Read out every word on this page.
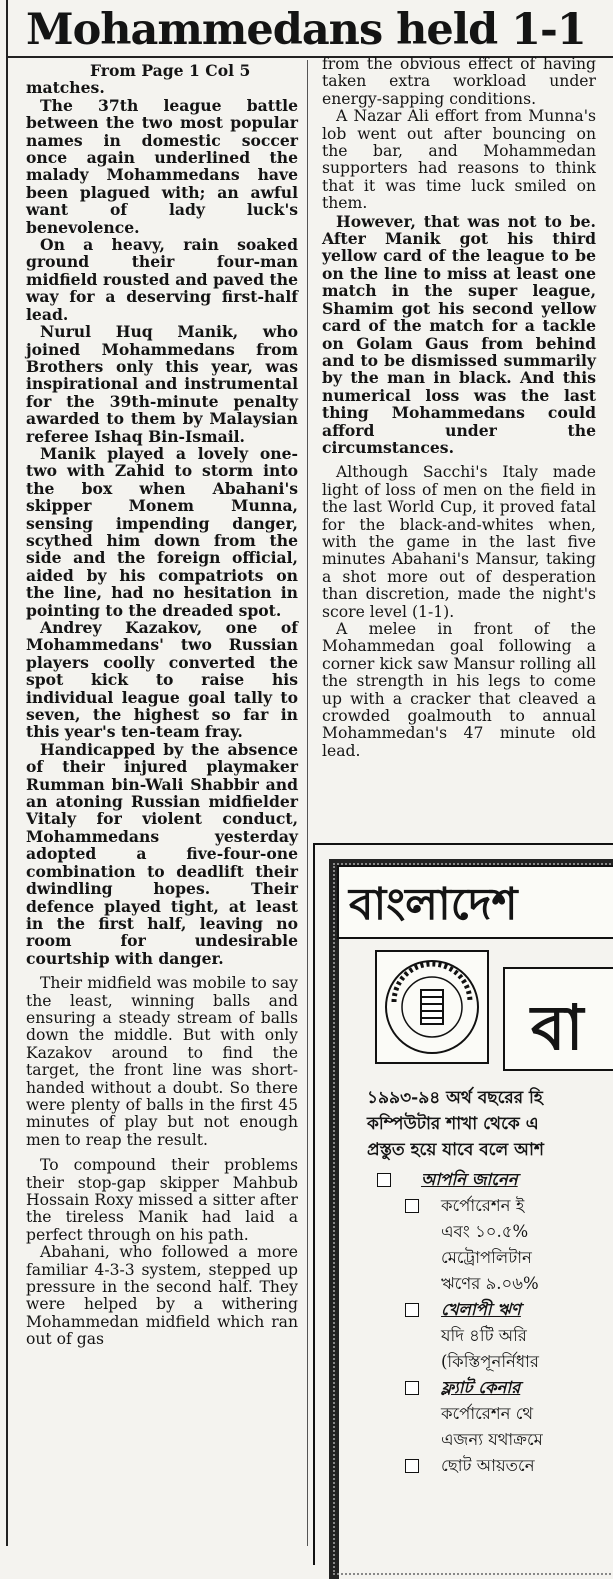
Mohammedans held 1-1

From Page 1 Col 5

matches.

The 37th league battle between the two most popular names in domestic soccer once again underlined the malady Mohammedans have been plagued with; an awful want of lady luck's benevolence.

On a heavy, rain soaked ground their four-man midfield rousted and paved the way for a deserving first-half lead.

Nurul Huq Manik, who joined Mohammedans from Brothers only this year, was inspirational and instrumental for the 39th-minute penalty awarded to them by Malaysian referee Ishaq Bin-Ismail.

Manik played a lovely one-two with Zahid to storm into the box when Abahani's skipper Monem Munna, sensing impending danger, scythed him down from the side and the foreign official, aided by his compatriots on the line, had no hesitation in pointing to the dreaded spot.

Andrey Kazakov, one of Mohammedans' two Russian players coolly converted the spot kick to raise his individual league goal tally to seven, the highest so far in this year's ten-team fray.

Handicapped by the absence of their injured playmaker Rumman bin-Wali Shabbir and an atoning Russian midfielder Vitaly for violent conduct, Mohammedans yesterday adopted a five-four-one combination to deadlift their dwindling hopes. Their defence played tight, at least in the first half, leaving no room for undesirable courtship with danger.

Their midfield was mobile to say the least, winning balls and ensuring a steady stream of balls down the middle. But with only Kazakov around to find the target, the front line was short-handed without a doubt. So there were plenty of balls in the first 45 minutes of play but not enough men to reap the result.

To compound their problems their stop-gap skipper Mahbub Hossain Roxy missed a sitter after the tireless Manik had laid a perfect through on his path.

Abahani, who followed a more familiar 4-3-3 system, stepped up pressure in the second half. They were helped by a withering Mohammedan midfield which ran out of gas

from the obvious effect of having taken extra workload under energy-sapping conditions.

A Nazar Ali effort from Munna's lob went out after bouncing on the bar, and Mohammedan supporters had reasons to think that it was time luck smiled on them.

However, that was not to be. After Manik got his third yellow card of the league to be on the line to miss at least one match in the super league, Shamim got his second yellow card of the match for a tackle on Golam Gaus from behind and to be dismissed summarily by the man in black. And this numerical loss was the last thing Mohammedans could afford under the circumstances.

Although Sacchi's Italy made light of loss of men on the field in the last World Cup, it proved fatal for the black-and-whites when, with the game in the last five minutes Abahani's Mansur, taking a shot more out of desperation than discretion, made the night's score level (1-1).

A melee in front of the Mohammedan goal following a corner kick saw Mansur rolling all the strength in his legs to come up with a cracker that cleaved a crowded goalmouth to annual Mohammedan's 47 minute old lead.

বাংলাদেশ
বা
১৯৯৩-৯৪ অর্থ বছরের হি
কম্পিউটার শাখা থেকে এ
প্রস্তুত হয়ে যাবে বলে আশ
আপনি জানেন
কর্পোরেশন ই
এবং ১০.৫%
মেট্রোপলিটান
ঋণের ৯.০৬%
খেলাপী ঋণ
যদি ৪টি অরি
(কিস্তিপূনর্নিধার
ফ্ল্যাট কেনার
কর্পোরেশন থে
এজন্য যথাক্রমে
ছোট আয়তনে
